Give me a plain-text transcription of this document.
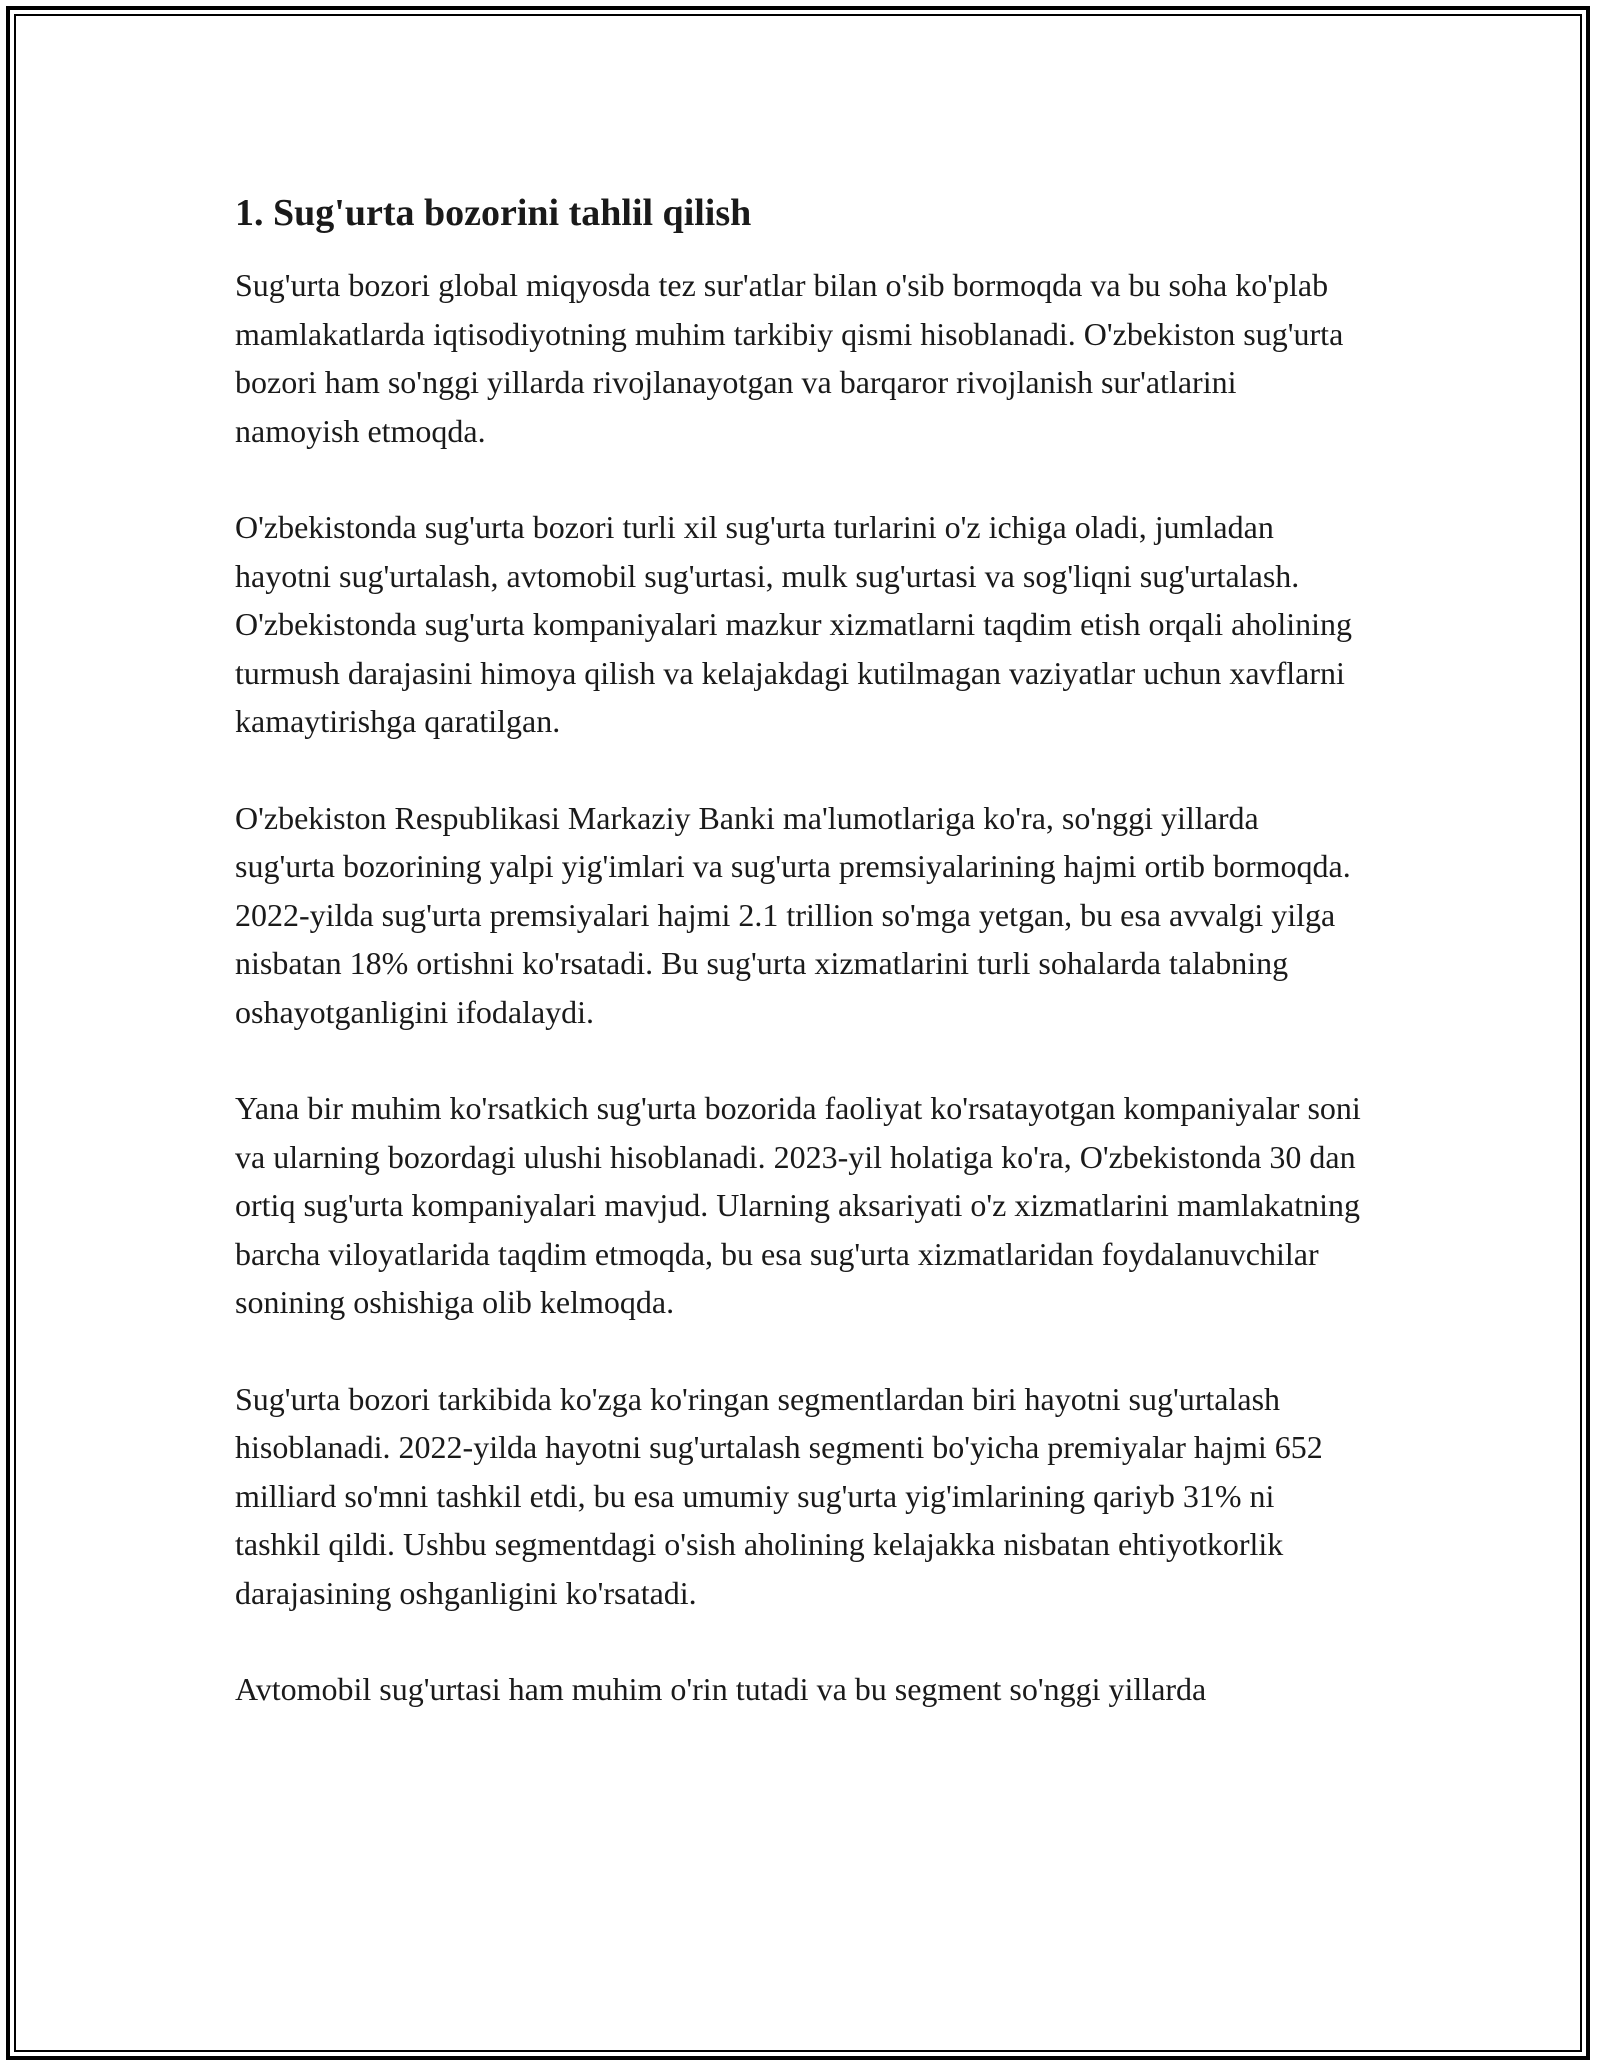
1. Sug'urta bozorini tahlil qilish

Sug'urta bozori global miqyosda tez sur'atlar bilan o'sib bormoqda va bu soha ko'plab mamlakatlarda iqtisodiyotning muhim tarkibiy qismi hisoblanadi. O'zbekiston sug'urta bozori ham so'nggi yillarda rivojlanayotgan va barqaror rivojlanish sur'atlarini namoyish etmoqda.

O'zbekistonda sug'urta bozori turli xil sug'urta turlarini o'z ichiga oladi, jumladan hayotni sug'urtalash, avtomobil sug'urtasi, mulk sug'urtasi va sog'liqni sug'urtalash. O'zbekistonda sug'urta kompaniyalari mazkur xizmatlarni taqdim etish orqali aholining turmush darajasini himoya qilish va kelajakdagi kutilmagan vaziyatlar uchun xavflarni kamaytirishga qaratilgan.

O'zbekiston Respublikasi Markaziy Banki ma'lumotlariga ko'ra, so'nggi yillarda sug'urta bozorining yalpi yig'imlari va sug'urta premsiyalarining hajmi ortib bormoqda. 2022-yilda sug'urta premsiyalari hajmi 2.1 trillion so'mga yetgan, bu esa avvalgi yilga nisbatan 18% ortishni ko'rsatadi. Bu sug'urta xizmatlarini turli sohalarda talabning oshayotganligini ifodalaydi.

Yana bir muhim ko'rsatkich sug'urta bozorida faoliyat ko'rsatayotgan kompaniyalar soni va ularning bozordagi ulushi hisoblanadi. 2023-yil holatiga ko'ra, O'zbekistonda 30 dan ortiq sug'urta kompaniyalari mavjud. Ularning aksariyati o'z xizmatlarini mamlakatning barcha viloyatlarida taqdim etmoqda, bu esa sug'urta xizmatlaridan foydalanuvchilar sonining oshishiga olib kelmoqda.

Sug'urta bozori tarkibida ko'zga ko'ringan segmentlardan biri hayotni sug'urtalash hisoblanadi. 2022-yilda hayotni sug'urtalash segmenti bo'yicha premiyalar hajmi 652 milliard so'mni tashkil etdi, bu esa umumiy sug'urta yig'imlarining qariyb 31% ni tashkil qildi. Ushbu segmentdagi o'sish aholining kelajakka nisbatan ehtiyotkorlik darajasining oshganligini ko'rsatadi.

Avtomobil sug'urtasi ham muhim o'rin tutadi va bu segment so'nggi yillarda
